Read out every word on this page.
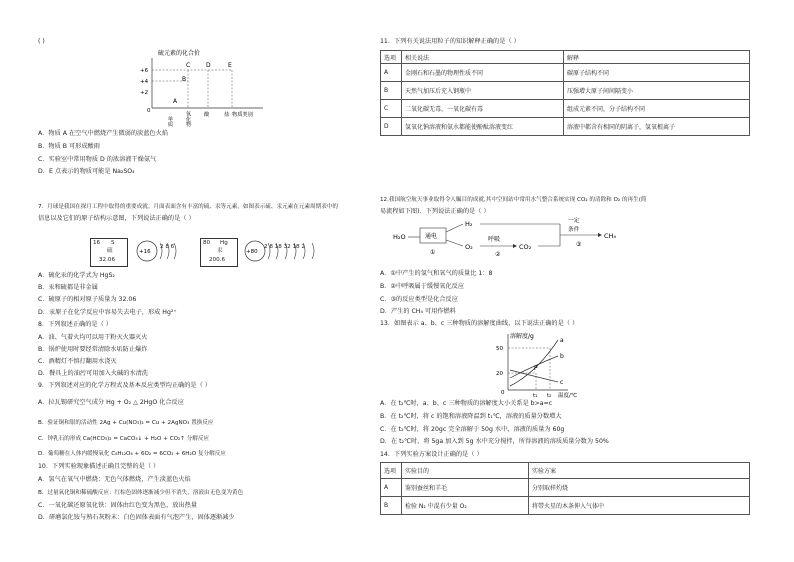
( )
硫元素的化合价
+6
+4
+2
0
A
B
C	D	E
单质 氧化物	酸	盐 物质类别
A．物质 A 在空气中燃烧产生微弱的淡蓝色火焰
B．物质 B 可形成酸雨
C．实验室中常用物质 D 的浓溶液干燥氨气
D．E 点表示的物质可能是 Na₂SO₄
7．月球是我国在探月工程中取得的重要成就。月面表面含有丰富的硫、汞等元素，如图表示硫、汞元素在元素周期表中的
信息以及它们的原子结构示意图，下列说法正确的是（ ）
16 S
硫
32.06
+16
2 8 6
80 Hg
汞
200.6
+80
2 8 18 32 18 2
A．硫化汞的化学式为 HgS₂
B．汞和硫都是非金属
C．硫原子的相对原子质量为 32.06
D．汞原子在化学反应中容易失去电子，形成 Hg²⁺
8．下列叙述正确的是（ ）
A．油、气着火均可以用干粉灭火器灭火
B．锅炉使用时要经常清除水垢防止爆炸
C．酒精灯不慎打翻用水浇灭
D．餐具上的油污可用加入火碱的水清洗
9．下列叙述对应的化学方程式及基本反应类型均正确的是（ ）
A．拉瓦锡研究空气成分 Hg + O₂ △ 2HgO 化合反应
B．验证铜和银的活动性 2Ag + Cu(NO₃)₂ = Cu + 2AgNO₃ 置换反应
C．钟乳石的形成 Ca(HCO₃)₂ = CaCO₃↓ + H₂O + CO₂↑ 分解反应
D．葡萄糖在人体内缓慢氧化 C₆H₁₂O₆ + 6O₂ = 6CO₂ + 6H₂O 复分解反应
10．下列实验现象描述正确且完整的是（ ）
A．氢气在氧气中燃烧：无色气体燃烧，产生淡蓝色火焰
B．过量氧化铜和稀硫酸反应：红棕色固体逐渐减少但不消失，溶液由无色变为黄色
C．一氧化碳还原氧化铁：固体由红色变为黑色，放出热量
D．研磨氯化铵与熟石灰粉末：白色固体表面有气泡产生，固体逐渐减少
11．下列有关说法用粒子的知识解释正确的是（ ）
选项	相关说法	解释
A	金刚石和石墨的物理性质不同	碳原子结构不同
B	天然气加压后充入钢瓶中	压强增大原子间间隔变小
C	二氧化碳无毒，一氧化碳有毒	组成元素不同，分子结构不同
D	氢氧化钠溶液和氨水都能使酚酞溶液变红	溶液中都含有相同的阴离子，氢氧根离子
12.我国航空航天事业取得令人瞩目的成就,其中空间站中常用水气整合系统实现 CO₂ 的清除和 O₂ 的再生(简
易流程如下图)．下列说法正确的是（ ）
H₂O	通电
①
H₂
O₂
呼吸
②
CO₂
一定
条件
③
CH₄
A．①中产生的氢气和氧气的质量比 1：8
B．②中呼吸属于缓慢氧化反应
C．③的反应类型是化合反应
D．产生的 CH₄ 可用作燃料
13．如图表示 a、b、c 三种物质的溶解度曲线，以下说法正确的是（ ）
溶解度/g
a
b
c
P
50
20
0	t₁ t₂ 温度/℃
A．在 t₂℃时，a、b、c 三种物质的溶解度大小关系是 b>a=c
B．在 t₂℃时，将 c 的饱和溶液降温到 t₁℃，溶液的质量分数增大
C．在 t₂℃时，将 20gc 完全溶解于 50g 水中，溶液的质量为 60g
D．在 t₂℃时，将 5ga 加入到 5g 水中充分搅拌，所得溶液的溶质质量分数为 50%
14．下列实验方案设计正确的是（ ）
选项	实验目的	实验方案
A	鉴别蚕丝和羊毛	分别取样灼烧
B	检验 N₂ 中混有少量 O₂	将带火星的木条伸入气体中
